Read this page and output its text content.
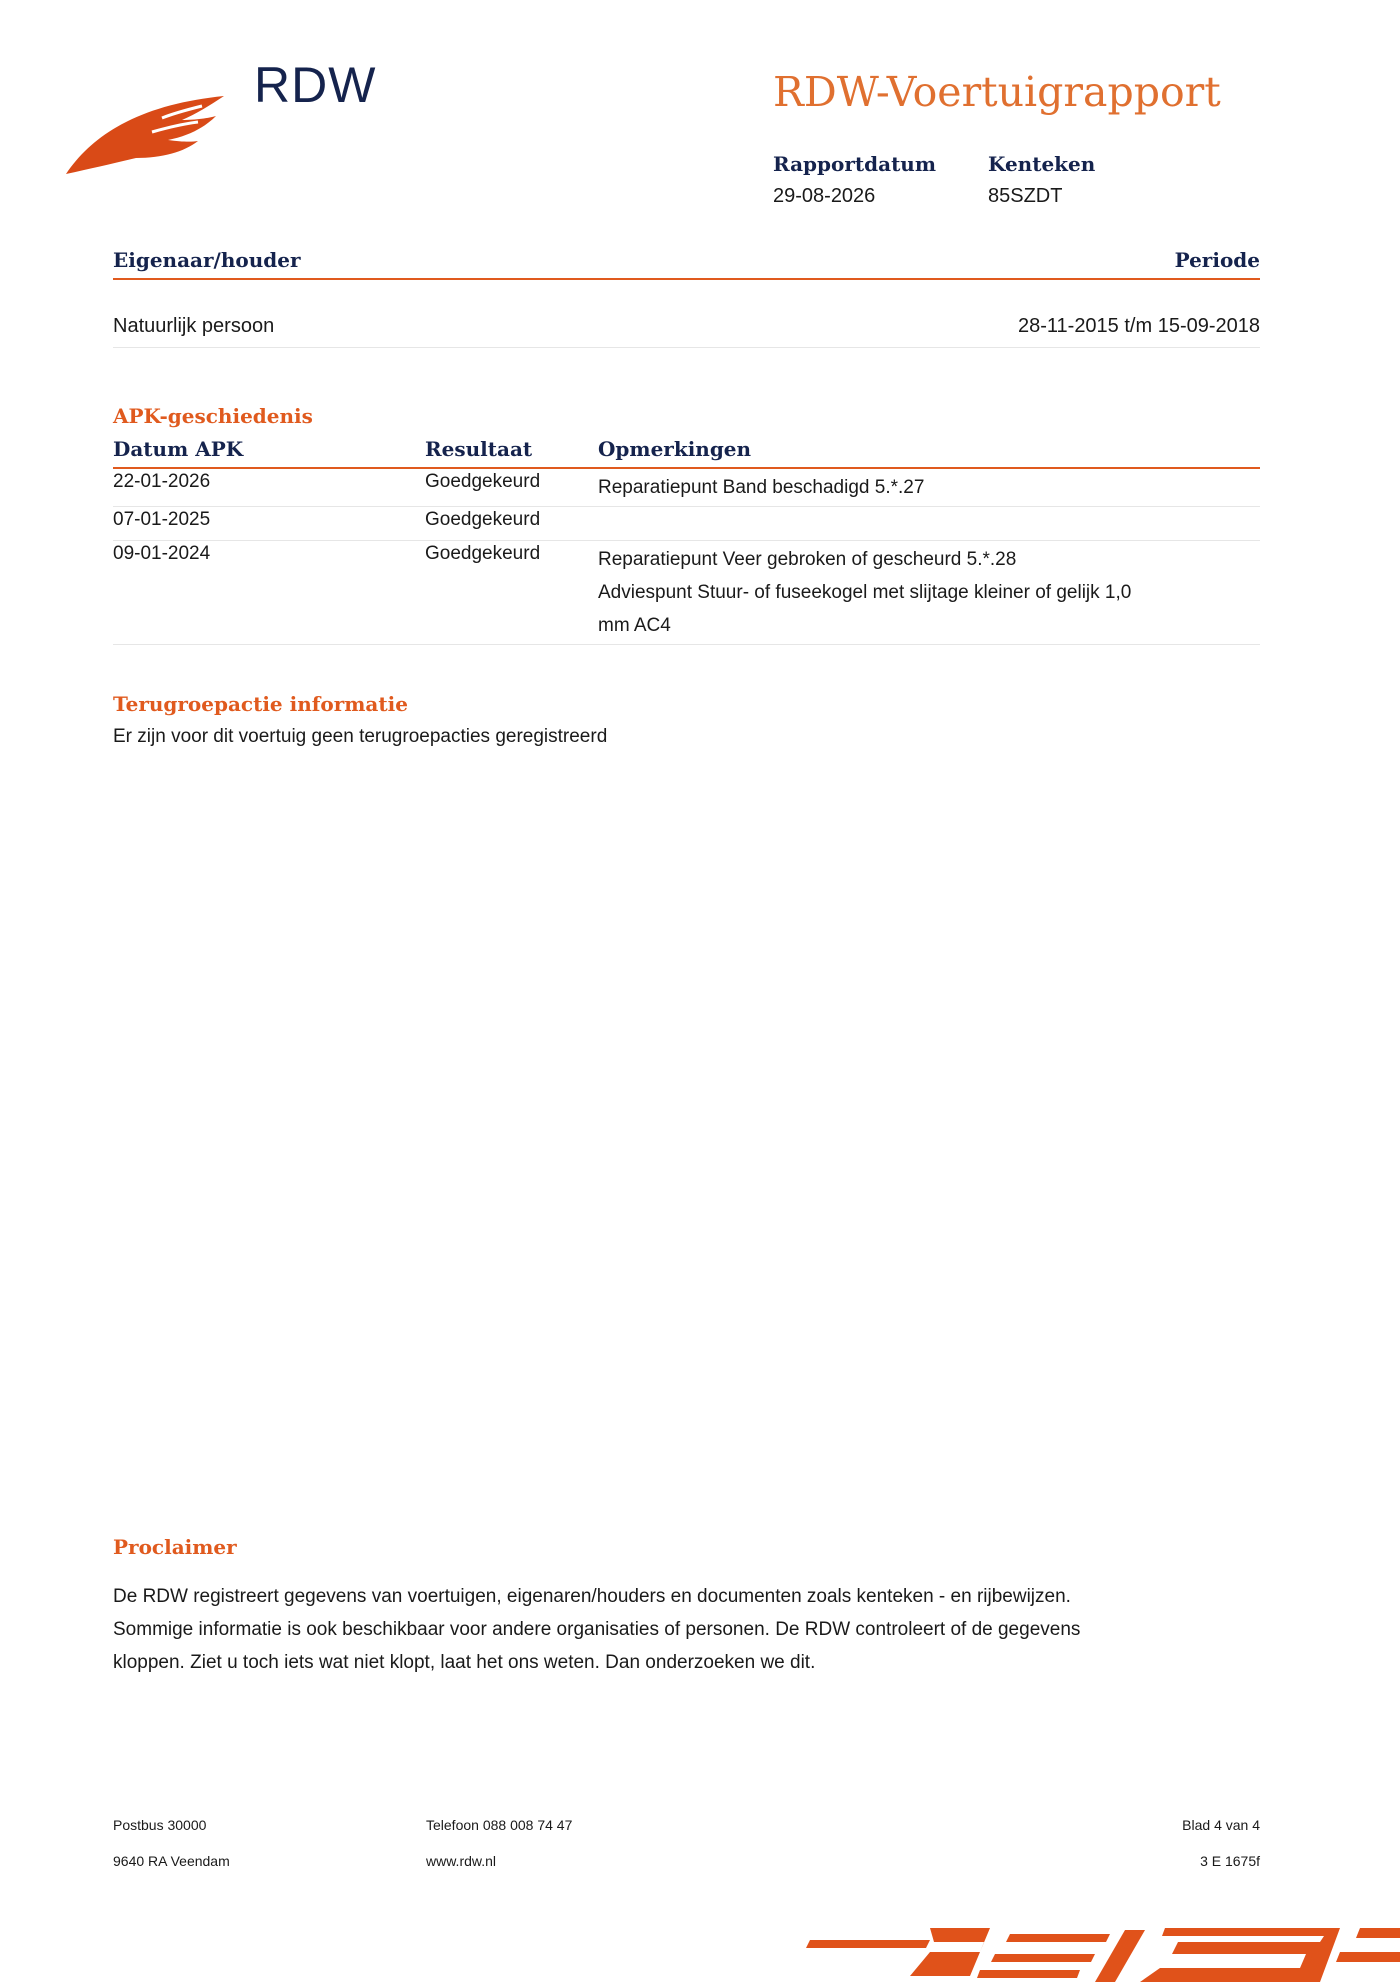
RDW	RDW-Voertuigrapport
Rapportdatum
29-08-2026
Kenteken
85SZDT
Eigenaar/houder	Periode
Natuurlijk persoon	28-11-2015 t/m 15-09-2018
APK-geschiedenis
Datum APK	Resultaat	Opmerkingen
22-01-2026	Goedgekeurd	Reparatiepunt Band beschadigd 5.*.27
07-01-2025	Goedgekeurd
09-01-2024	Goedgekeurd	Reparatiepunt Veer gebroken of gescheurd 5.*.28
Adviespunt Stuur- of fuseekogel met slijtage kleiner of gelijk 1,0
mm AC4
Terugroepactie informatie
Er zijn voor dit voertuig geen terugroepacties geregistreerd
Proclaimer
De RDW registreert gegevens van voertuigen, eigenaren/houders en documenten zoals kenteken - en rijbewijzen.
Sommige informatie is ook beschikbaar voor andere organisaties of personen. De RDW controleert of de gegevens
kloppen. Ziet u toch iets wat niet klopt, laat het ons weten. Dan onderzoeken we dit.
Postbus 30000
9640 RA Veendam
Telefoon 088 008 74 47
www.rdw.nl
Blad 4 van 4
3 E 1675f
